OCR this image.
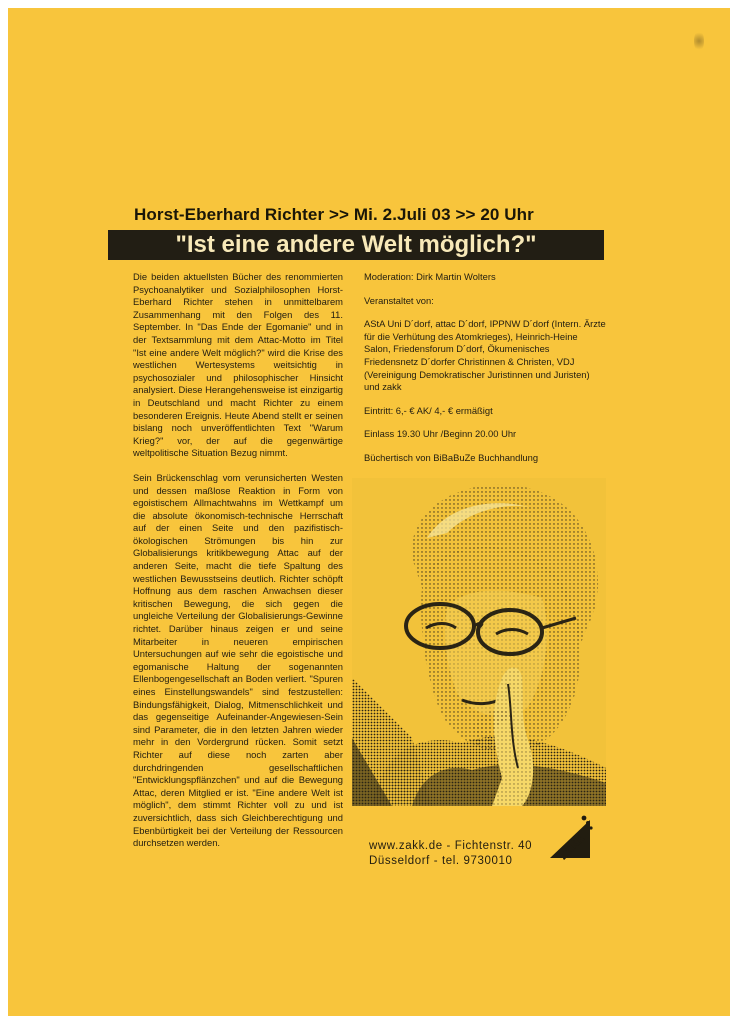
Horst-Eberhard Richter >> Mi. 2.Juli 03 >> 20 Uhr
"Ist eine andere Welt möglich?"

Die beiden aktuellsten Bücher des renommierten Psychoanalytiker und Sozialphilosophen Horst-Eberhard Richter stehen in unmittelbarem Zusammenhang mit den Folgen des 11. September. In "Das Ende der Egomanie" und in der Textsammlung mit dem Attac-Motto im Titel "Ist eine andere Welt möglich?" wird die Krise des westlichen Wertesystems weitsichtig in psychosozialer und philosophischer Hinsicht analysiert. Diese Herangehensweise ist einzigartig in Deutschland und macht Richter zu einem besonderen Ereignis. Heute Abend stellt er seinen bislang noch unveröffentlichten Text "Warum Krieg?" vor, der auf die gegenwärtige weltpolitische Situation Bezug nimmt.

Sein Brückenschlag vom verunsicherten Westen und dessen maßlose Reaktion in Form von egoistischem Allmachtwahns im Wettkampf um die absolute ökonomisch-technische Herrschaft auf der einen Seite und den pazifistisch-ökologischen Strömungen bis hin zur Globalisierungs kritikbewegung Attac auf der anderen Seite, macht die tiefe Spaltung des westlichen Bewusstseins deutlich. Richter schöpft Hoffnung aus dem raschen Anwachsen dieser kritischen Bewegung, die sich gegen die ungleiche Verteilung der Globalisierungs-Gewinne richtet. Darüber hinaus zeigen er und seine Mitarbeiter in neueren empirischen Untersuchungen auf wie sehr die egoistische und egomanische Haltung der sogenannten Ellenbogengesellschaft an Boden verliert. "Spuren eines Einstellungswandels" sind festzustellen: Bindungsfähigkeit, Dialog, Mitmenschlichkeit und das gegenseitige Aufeinander-Angewiesen-Sein sind Parameter, die in den letzten Jahren wieder mehr in den Vordergrund rücken. Somit setzt Richter auf diese noch zarten aber durchdringenden gesellschaftlichen "Entwicklungspflänzchen" und auf die Bewegung Attac, deren Mitglied er ist. "Eine andere Welt ist möglich", dem stimmt Richter voll zu und ist zuversichtlich, dass sich Gleichberechtigung und Ebenbürtigkeit bei der Verteilung der Ressourcen durchsetzen werden.

Moderation: Dirk Martin Wolters

Veranstaltet von:

AStA Uni D´dorf, attac D´dorf, IPPNW D´dorf (Intern. Ärzte für die Verhütung des Atomkrieges), Heinrich-Heine Salon, Friedensforum D´dorf, Ökumenisches Friedensnetz D´dorfer Christinnen & Christen, VDJ (Vereinigung Demokratischer Juristinnen und Juristen) und zakk

Eintritt: 6,- € AK/ 4,- € ermäßigt

Einlass 19.30 Uhr /Beginn 20.00 Uhr

Büchertisch von BiBaBuZe Buchhandlung

www.zakk.de - Fichtenstr. 40
Düsseldorf - tel. 9730010	zakk
